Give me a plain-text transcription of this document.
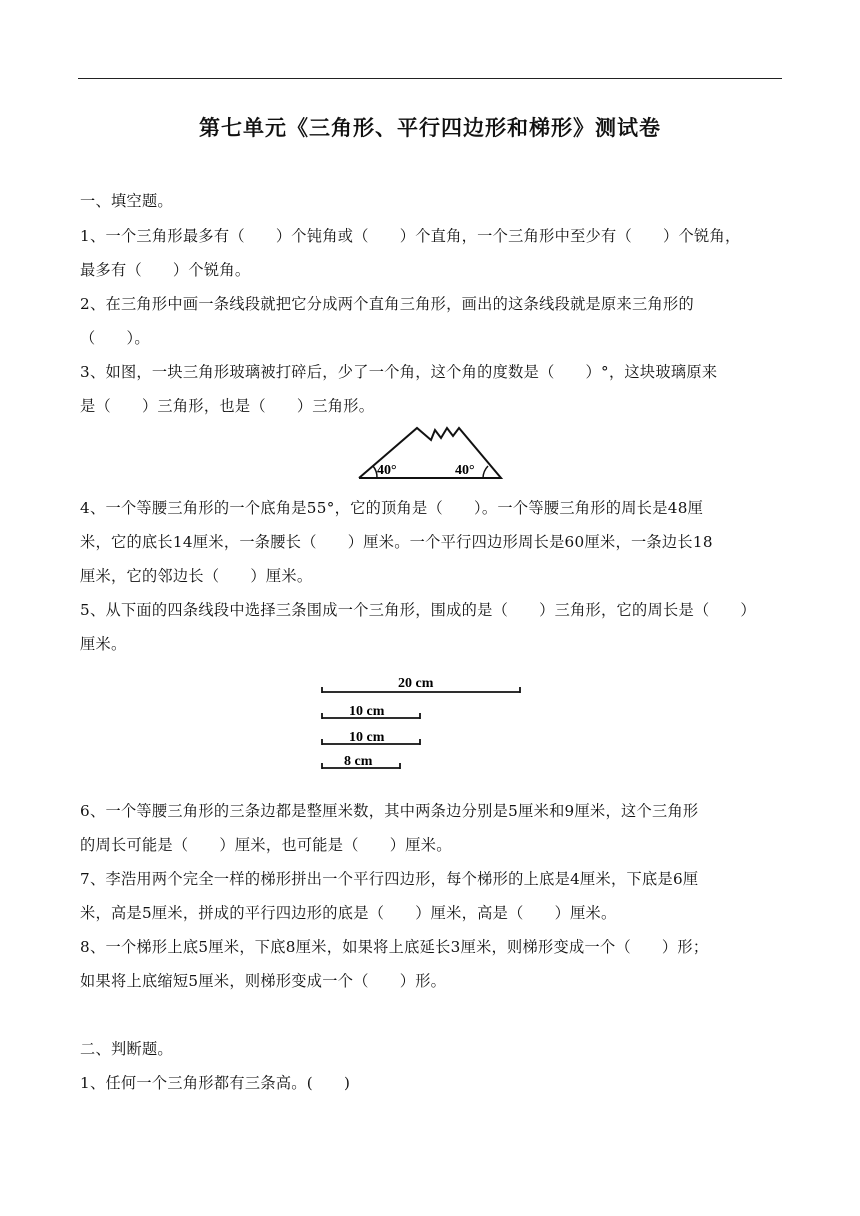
第七单元《三角形、平行四边形和梯形》测试卷
一、填空题。
1、一个三角形最多有（　　）个钝角或（　　）个直角，一个三角形中至少有（　　）个锐角，
最多有（　　）个锐角。
2、在三角形中画一条线段就把它分成两个直角三角形，画出的这条线段就是原来三角形的
（　　）。
3、如图，一块三角形玻璃被打碎后，少了一个角，这个角的度数是（　　）°，这块玻璃原来
是（　　）三角形，也是（　　）三角形。
40°	40°
4、一个等腰三角形的一个底角是55°，它的顶角是（　　）。一个等腰三角形的周长是48厘
米，它的底长14厘米，一条腰长（　　）厘米。一个平行四边形周长是60厘米，一条边长18
厘米，它的邻边长（　　）厘米。
5、从下面的四条线段中选择三条围成一个三角形，围成的是（　　）三角形，它的周长是（　　）
厘米。
20 cm
10 cm
10 cm
8 cm
6、一个等腰三角形的三条边都是整厘米数，其中两条边分别是5厘米和9厘米，这个三角形
的周长可能是（　　）厘米，也可能是（　　）厘米。
7、李浩用两个完全一样的梯形拼出一个平行四边形，每个梯形的上底是4厘米，下底是6厘
米，高是5厘米，拼成的平行四边形的底是（　　）厘米，高是（　　）厘米。
8、一个梯形上底5厘米，下底8厘米，如果将上底延长3厘米，则梯形变成一个（　　）形；
如果将上底缩短5厘米，则梯形变成一个（　　）形。
二、判断题。
1、任何一个三角形都有三条高。(　　)
